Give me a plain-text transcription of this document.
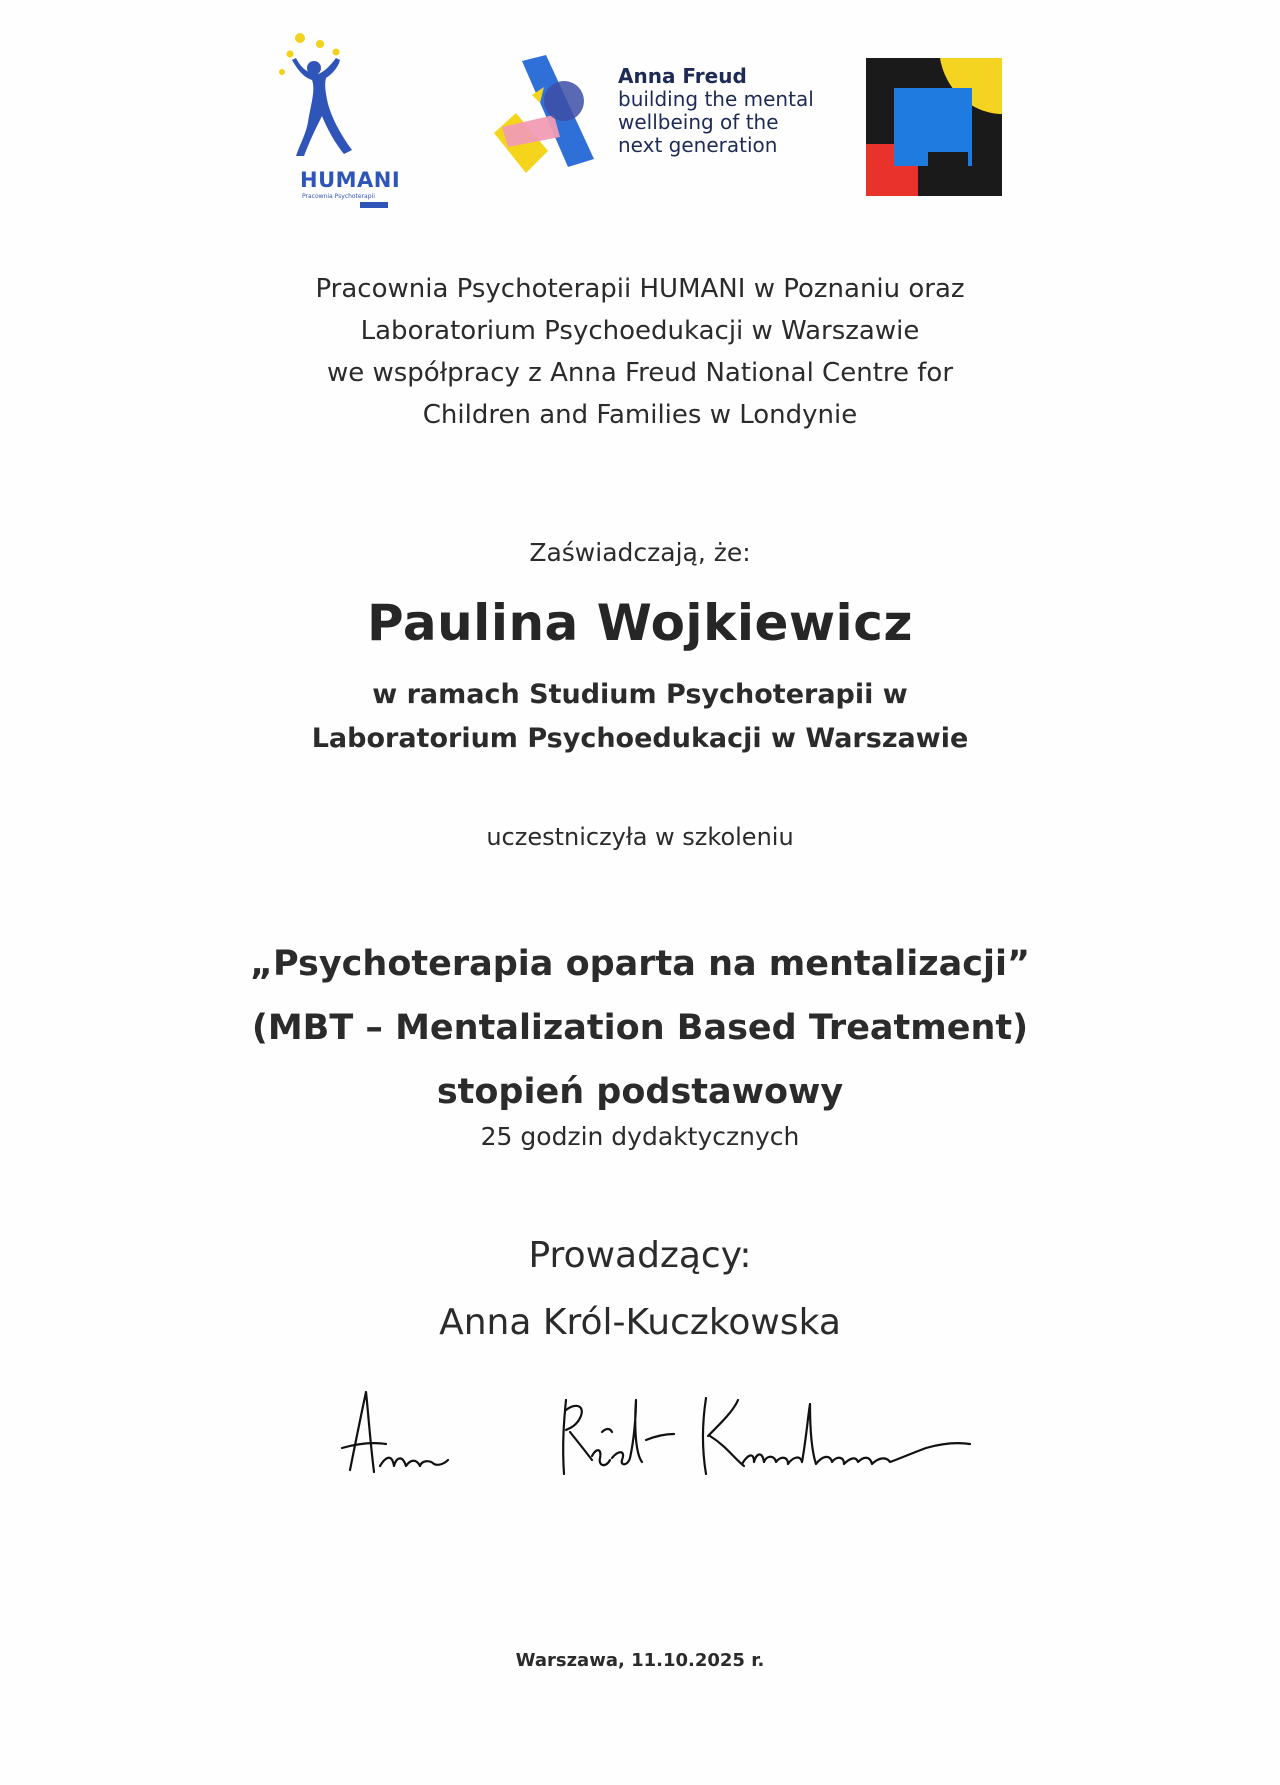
HUMANI
Pracownia Psychoterapii
Anna Freud
building the mental
wellbeing of the
next generation
Pracownia Psychoterapii HUMANI w Poznaniu oraz
Laboratorium Psychoedukacji w Warszawie
we współpracy z Anna Freud National Centre for
Children and Families w Londynie
Zaświadczają, że:
Paulina Wojkiewicz
w ramach Studium Psychoterapii w
Laboratorium Psychoedukacji w Warszawie
uczestniczyła w szkoleniu
„Psychoterapia oparta na mentalizacji”
(MBT – Mentalization Based Treatment)
stopień podstawowy
25 godzin dydaktycznych
Prowadzący:
Anna Król-Kuczkowska
Warszawa, 11.10.2025 r.
